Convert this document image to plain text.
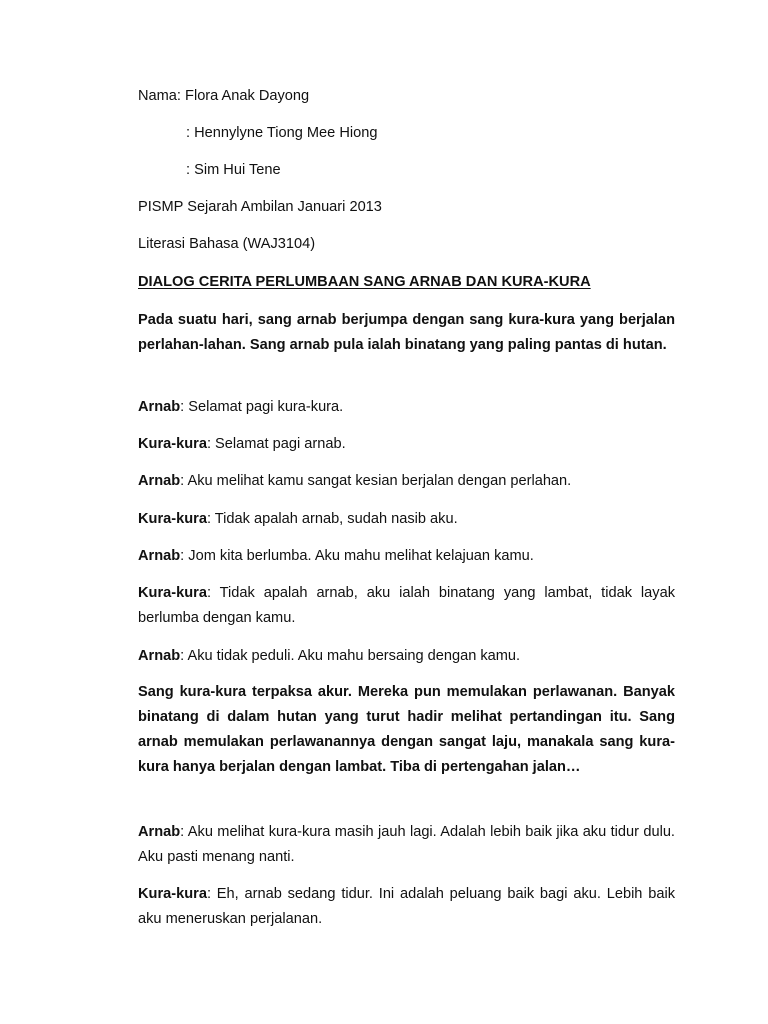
Nama: Flora Anak Dayong
: Hennylyne Tiong Mee Hiong
: Sim Hui Tene
PISMP Sejarah Ambilan Januari 2013
Literasi Bahasa (WAJ3104)
DIALOG CERITA PERLUMBAAN SANG ARNAB DAN KURA-KURA
Pada suatu hari, sang arnab berjumpa dengan sang kura-kura yang berjalan perlahan-lahan. Sang arnab pula ialah binatang yang paling pantas di hutan.
Arnab: Selamat pagi kura-kura.
Kura-kura: Selamat pagi arnab.
Arnab: Aku melihat kamu sangat kesian berjalan dengan perlahan.
Kura-kura: Tidak apalah arnab, sudah nasib aku.
Arnab: Jom kita berlumba. Aku mahu melihat kelajuan kamu.
Kura-kura: Tidak apalah arnab, aku ialah binatang yang lambat, tidak layak berlumba dengan kamu.
Arnab: Aku tidak peduli. Aku mahu bersaing dengan kamu.
Sang kura-kura terpaksa akur. Mereka pun memulakan perlawanan. Banyak binatang di dalam hutan yang turut hadir melihat pertandingan itu. Sang arnab memulakan perlawanannya dengan sangat laju, manakala sang kura-kura hanya berjalan dengan lambat. Tiba di pertengahan jalan…
Arnab: Aku melihat kura-kura masih jauh lagi. Adalah lebih baik jika aku tidur dulu. Aku pasti menang nanti.
Kura-kura: Eh, arnab sedang tidur. Ini adalah peluang baik bagi aku. Lebih baik aku meneruskan perjalanan.
